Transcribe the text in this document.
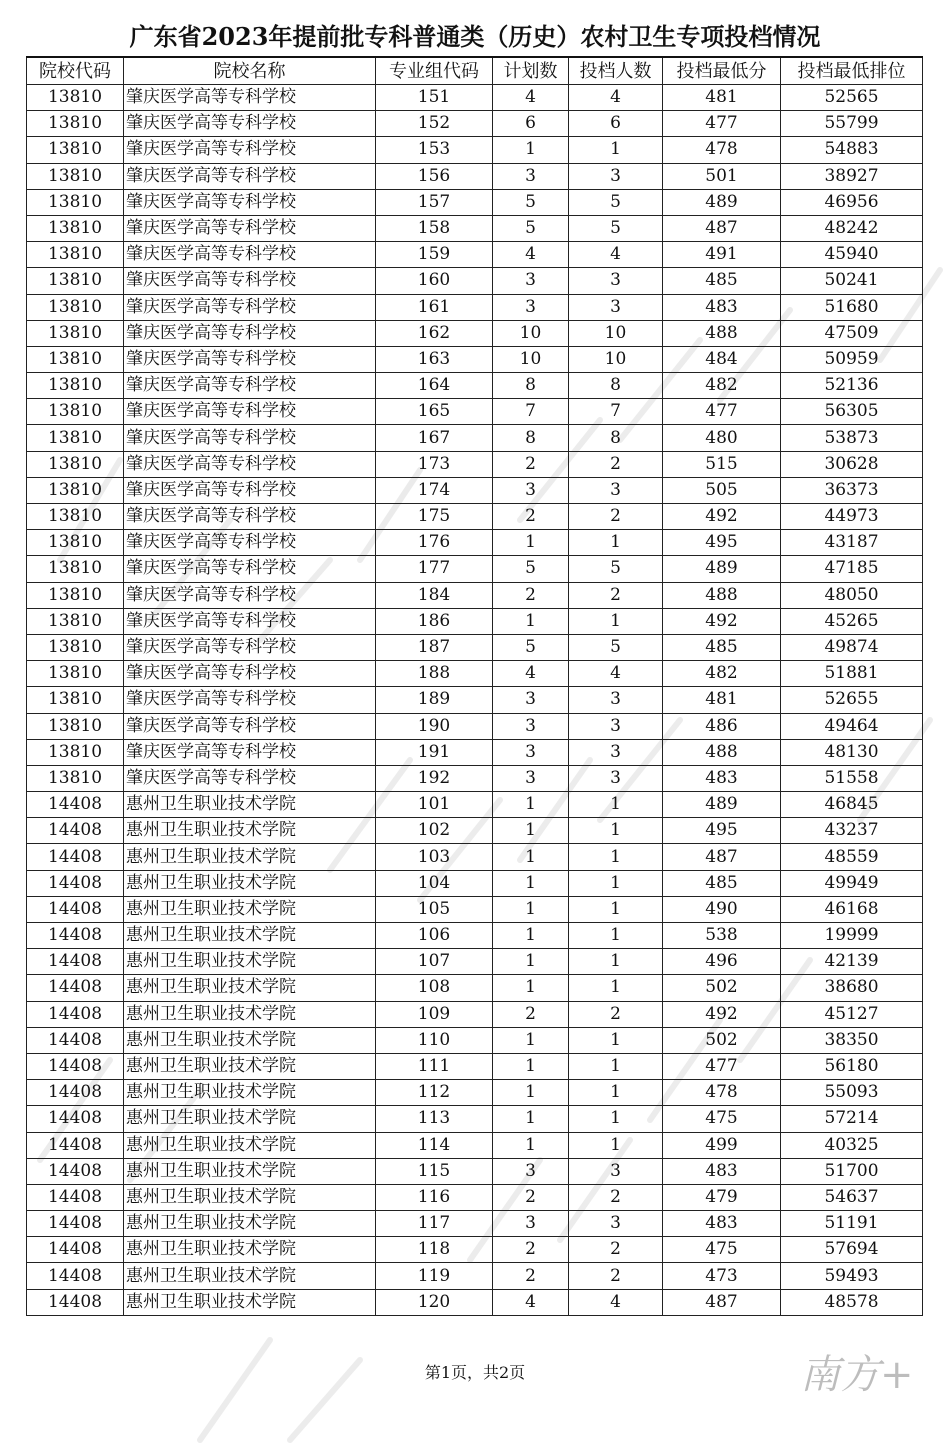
广东省2023年提前批专科普通类（历史）农村卫生专项投档情况
院校代码	院校名称	专业组代码	计划数	投档人数	投档最低分	投档最低排位
13810	肇庆医学高等专科学校	151	4	4	481	52565
13810	肇庆医学高等专科学校	152	6	6	477	55799
13810	肇庆医学高等专科学校	153	1	1	478	54883
13810	肇庆医学高等专科学校	156	3	3	501	38927
13810	肇庆医学高等专科学校	157	5	5	489	46956
13810	肇庆医学高等专科学校	158	5	5	487	48242
13810	肇庆医学高等专科学校	159	4	4	491	45940
13810	肇庆医学高等专科学校	160	3	3	485	50241
13810	肇庆医学高等专科学校	161	3	3	483	51680
13810	肇庆医学高等专科学校	162	10	10	488	47509
13810	肇庆医学高等专科学校	163	10	10	484	50959
13810	肇庆医学高等专科学校	164	8	8	482	52136
13810	肇庆医学高等专科学校	165	7	7	477	56305
13810	肇庆医学高等专科学校	167	8	8	480	53873
13810	肇庆医学高等专科学校	173	2	2	515	30628
13810	肇庆医学高等专科学校	174	3	3	505	36373
13810	肇庆医学高等专科学校	175	2	2	492	44973
13810	肇庆医学高等专科学校	176	1	1	495	43187
13810	肇庆医学高等专科学校	177	5	5	489	47185
13810	肇庆医学高等专科学校	184	2	2	488	48050
13810	肇庆医学高等专科学校	186	1	1	492	45265
13810	肇庆医学高等专科学校	187	5	5	485	49874
13810	肇庆医学高等专科学校	188	4	4	482	51881
13810	肇庆医学高等专科学校	189	3	3	481	52655
13810	肇庆医学高等专科学校	190	3	3	486	49464
13810	肇庆医学高等专科学校	191	3	3	488	48130
13810	肇庆医学高等专科学校	192	3	3	483	51558
14408	惠州卫生职业技术学院	101	1	1	489	46845
14408	惠州卫生职业技术学院	102	1	1	495	43237
14408	惠州卫生职业技术学院	103	1	1	487	48559
14408	惠州卫生职业技术学院	104	1	1	485	49949
14408	惠州卫生职业技术学院	105	1	1	490	46168
14408	惠州卫生职业技术学院	106	1	1	538	19999
14408	惠州卫生职业技术学院	107	1	1	496	42139
14408	惠州卫生职业技术学院	108	1	1	502	38680
14408	惠州卫生职业技术学院	109	2	2	492	45127
14408	惠州卫生职业技术学院	110	1	1	502	38350
14408	惠州卫生职业技术学院	111	1	1	477	56180
14408	惠州卫生职业技术学院	112	1	1	478	55093
14408	惠州卫生职业技术学院	113	1	1	475	57214
14408	惠州卫生职业技术学院	114	1	1	499	40325
14408	惠州卫生职业技术学院	115	3	3	483	51700
14408	惠州卫生职业技术学院	116	2	2	479	54637
14408	惠州卫生职业技术学院	117	3	3	483	51191
14408	惠州卫生职业技术学院	118	2	2	475	57694
14408	惠州卫生职业技术学院	119	2	2	473	59493
14408	惠州卫生职业技术学院	120	4	4	487	48578
第1页，共2页	南方+
